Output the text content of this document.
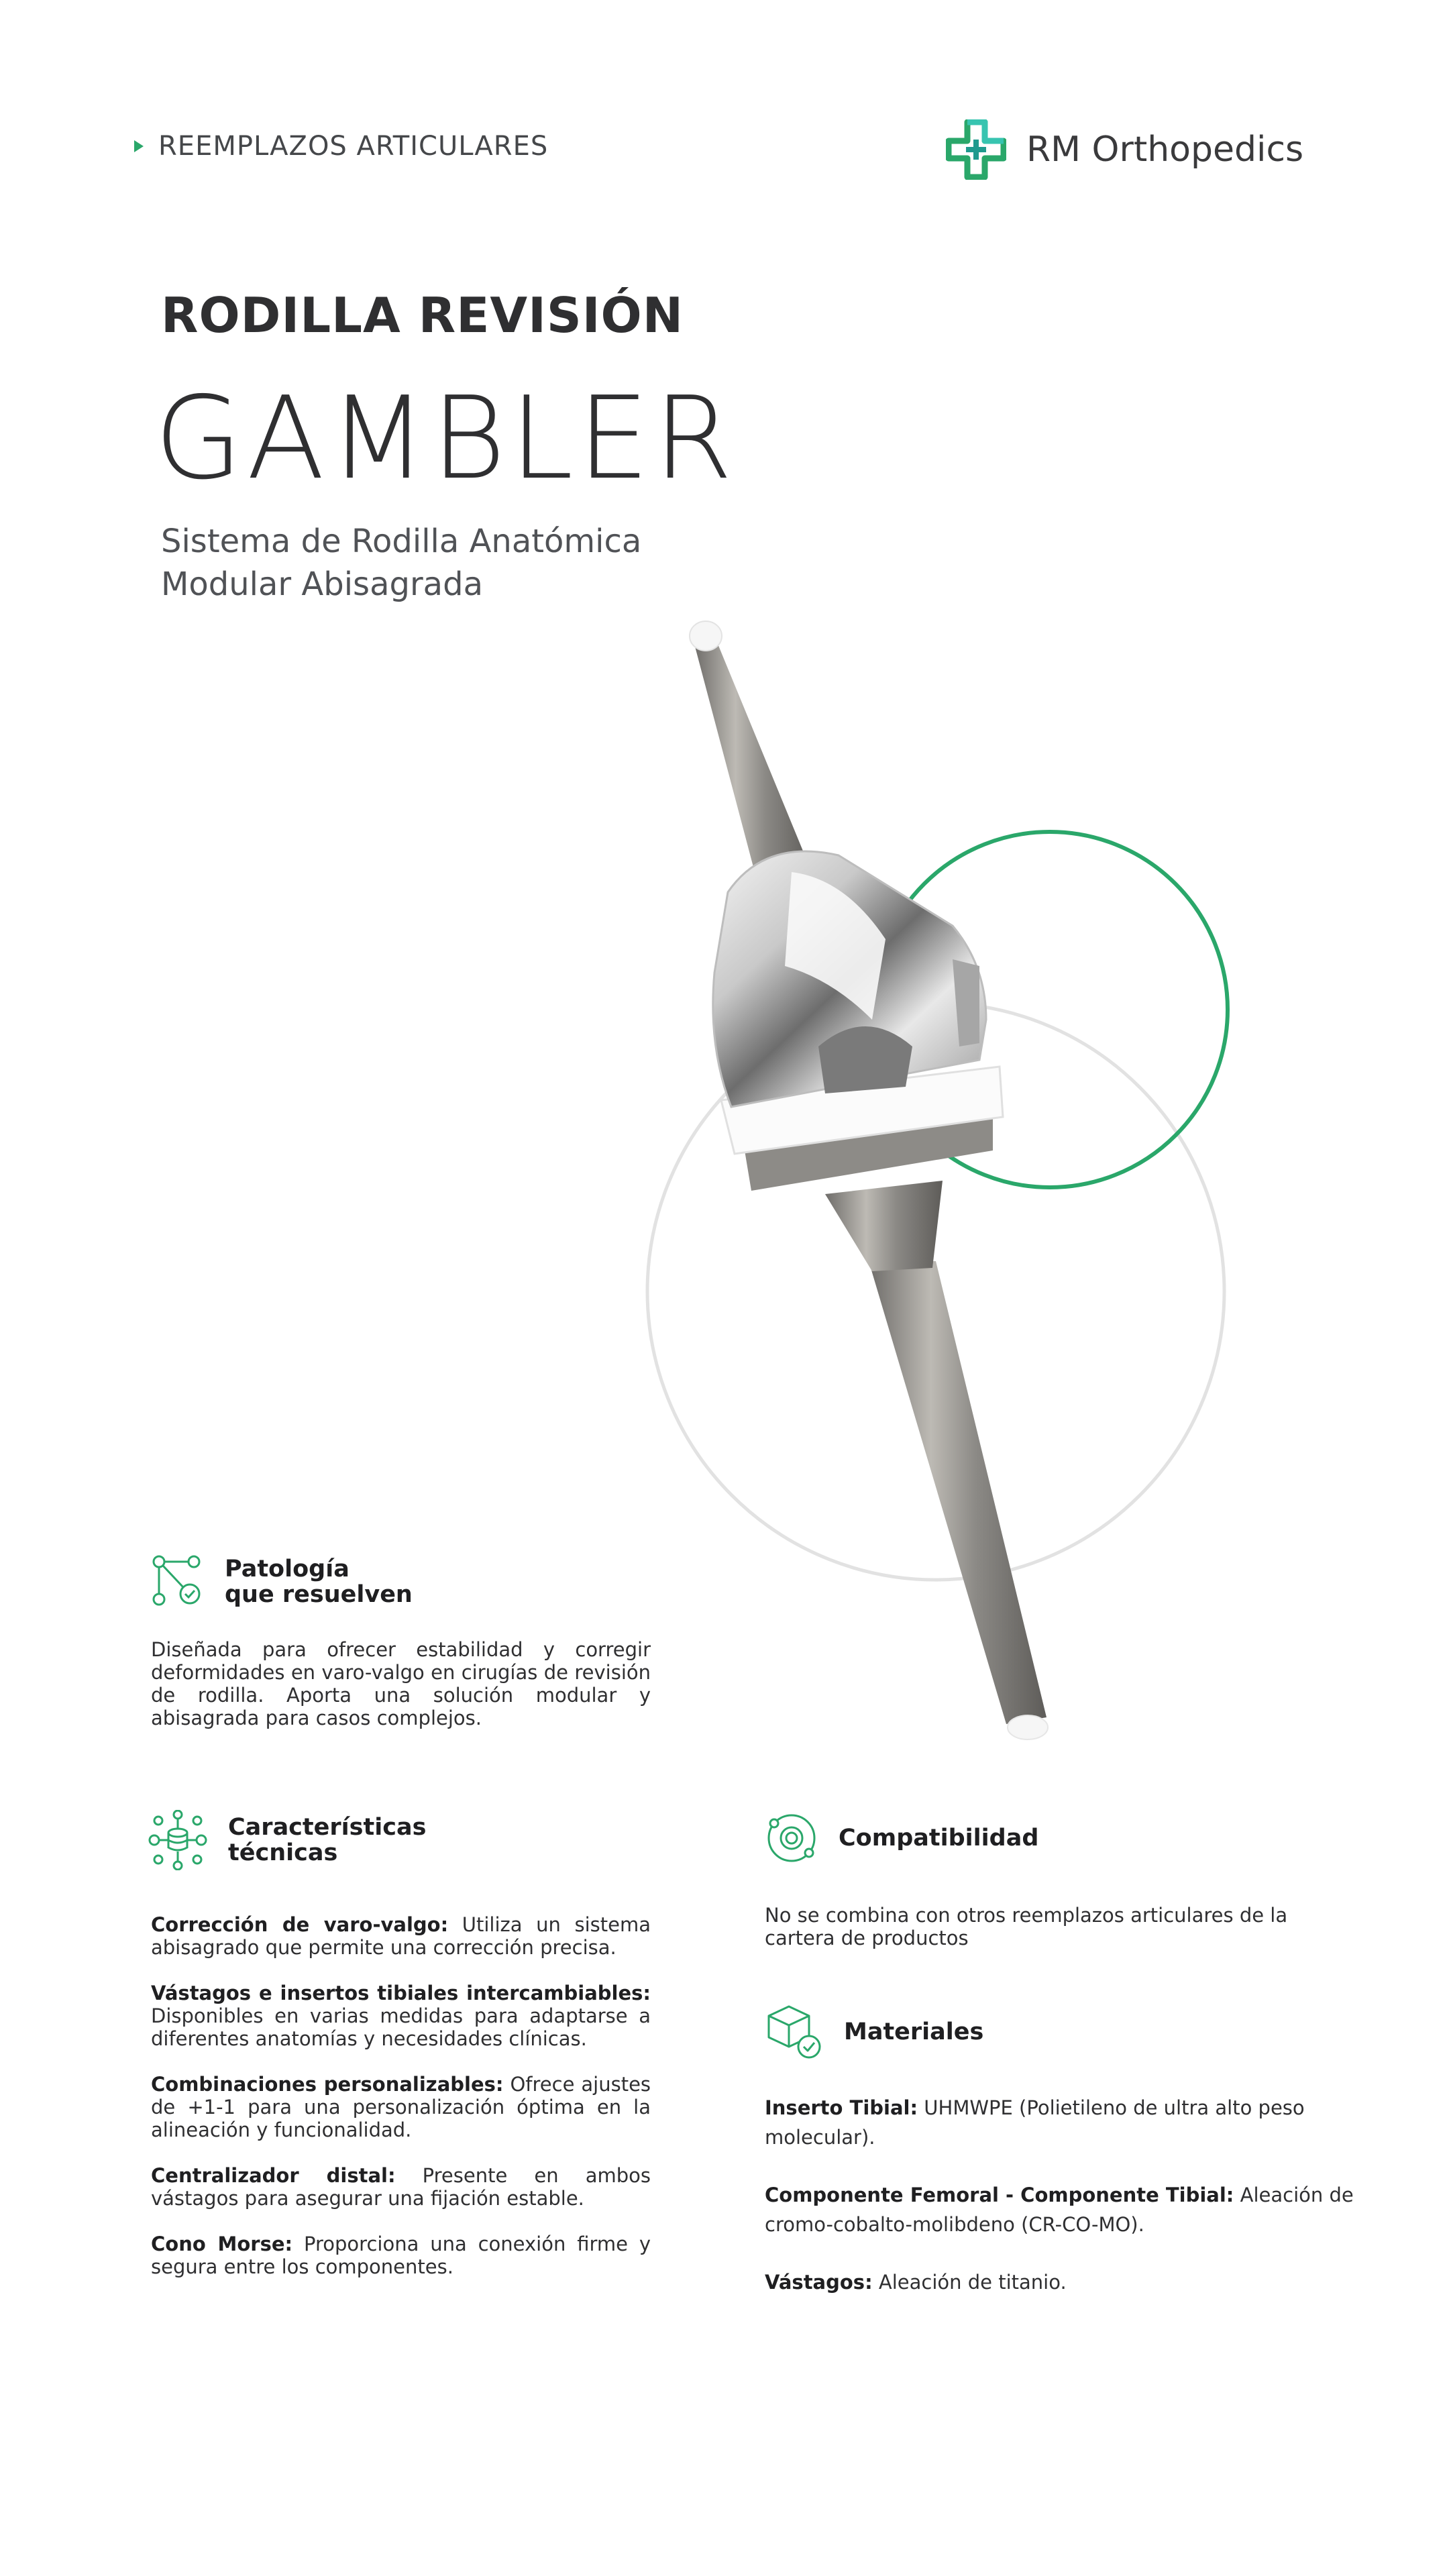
REEMPLAZOS ARTICULARES	RM Orthopedics
RODILLA REVISIÓN
GAMBLER
Sistema de Rodilla Anatómica
Modular Abisagrada
Patología
que resuelven
Diseñada para ofrecer estabilidad y corregir deformidades en varo-valgo en cirugías de revisión de rodilla. Aporta una solución modular y abisagrada para casos complejos.
Características
técnicas
Corrección de varo-valgo: Utiliza un sistema abisagrado que permite una corrección precisa.
Vástagos e insertos tibiales intercambiables: Disponibles en varias medidas para adaptarse a diferentes anatomías y necesidades clínicas.
Combinaciones personalizables: Ofrece ajustes de +1-1 para una personalización óptima en la alineación y funcionalidad.
Centralizador distal: Presente en ambos vástagos para asegurar una fijación estable.
Cono Morse: Proporciona una conexión firme y segura entre los componentes.
Compatibilidad
No se combina con otros reemplazos articulares de la cartera de productos
Materiales
Inserto Tibial: UHMWPE (Polietileno de ultra alto peso molecular).
Componente Femoral - Componente Tibial: Aleación de cromo-cobalto-molibdeno (CR-CO-MO).
Vástagos: Aleación de titanio.
